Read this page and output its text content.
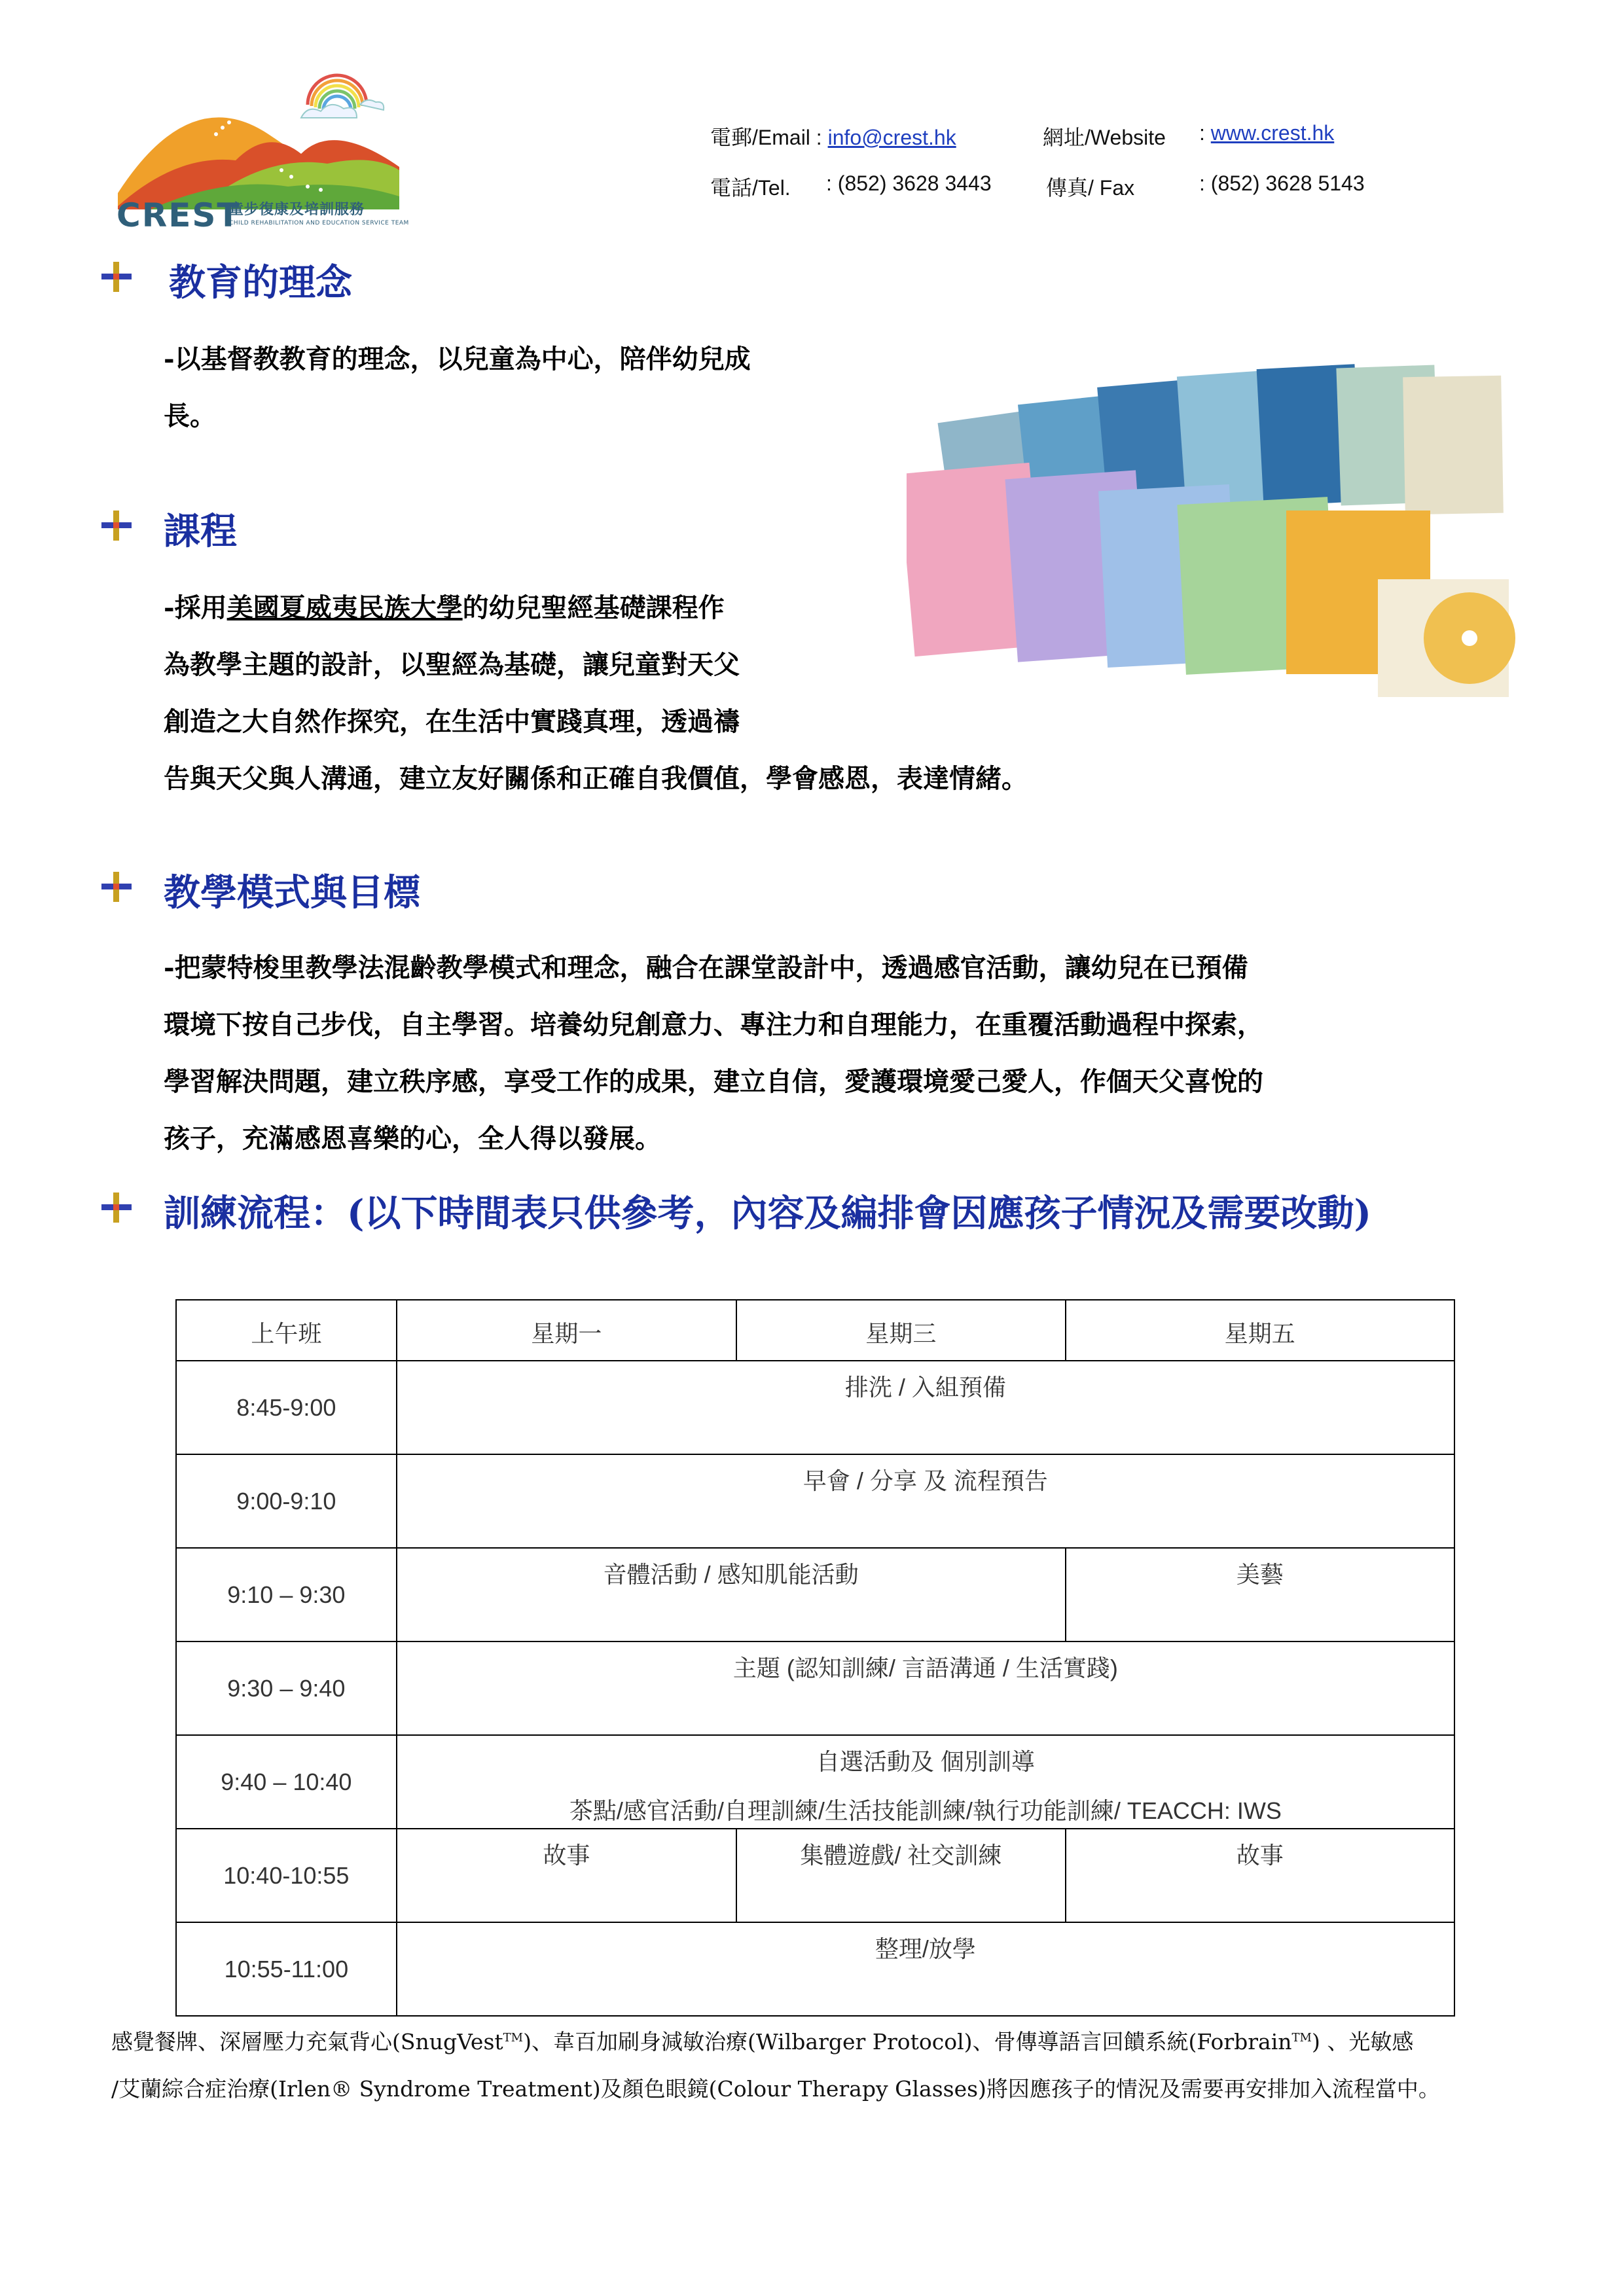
CREST
童步復康及培訓服務
CHILD REHABILITATION AND EDUCATION SERVICE TEAM
電郵/Email : info@crest.hk	網址/Website : www.crest.hk
電話/Tel. : (852) 3628 3443	傳真/ Fax	: (852) 3628 5143
教育的理念
-以基督教教育的理念，以兒童為中心，陪伴幼兒成
長。
課程
-採用美國夏威夷民族大學的幼兒聖經基礎課程作
為教學主題的設計，以聖經為基礎，讓兒童對天父
創造之大自然作探究，在生活中實踐真理，透過禱
告與天父與人溝通，建立友好關係和正確自我價值，學會感恩，表達情緒。
教學模式與目標
-把蒙特梭里教學法混齡教學模式和理念，融合在課堂設計中，透過感官活動，讓幼兒在已預備
環境下按自己步伐，自主學習。培養幼兒創意力、專注力和自理能力，在重覆活動過程中探索，
學習解決問題，建立秩序感，享受工作的成果，建立自信，愛護環境愛己愛人，作個天父喜悅的
孩子，充滿感恩喜樂的心，全人得以發展。
訓練流程：(以下時間表只供參考，內容及編排會因應孩子情況及需要改動)
上午班	星期一	星期三	星期五
8:45-9:00	排洗 / 入組預備		
9:00-9:10	早會 / 分享 及 流程預告		
9:10 – 9:30	音體活動 / 感知肌能活動		美藝
9:30 – 9:40	主題 (認知訓練/ 言語溝通 / 生活實踐)		
9:40 – 10:40	自選活動及 個別訓導
茶點/感官活動/自理訓練/生活技能訓練/執行功能訓練/ TEACCH: IWS		

10:40-10:55	故事	集體遊戲/ 社交訓練	故事
10:55-11:00	整理/放學		
感覺餐牌、深層壓力充氣背心(SnugVest™)、韋百加刷身減敏治療(Wilbarger Protocol)、骨傳導語言回饋系統(Forbrain™) 、光敏感
/艾蘭綜合症治療(Irlen® Syndrome Treatment)及顏色眼鏡(Colour Therapy Glasses)將因應孩子的情況及需要再安排加入流程當中。
